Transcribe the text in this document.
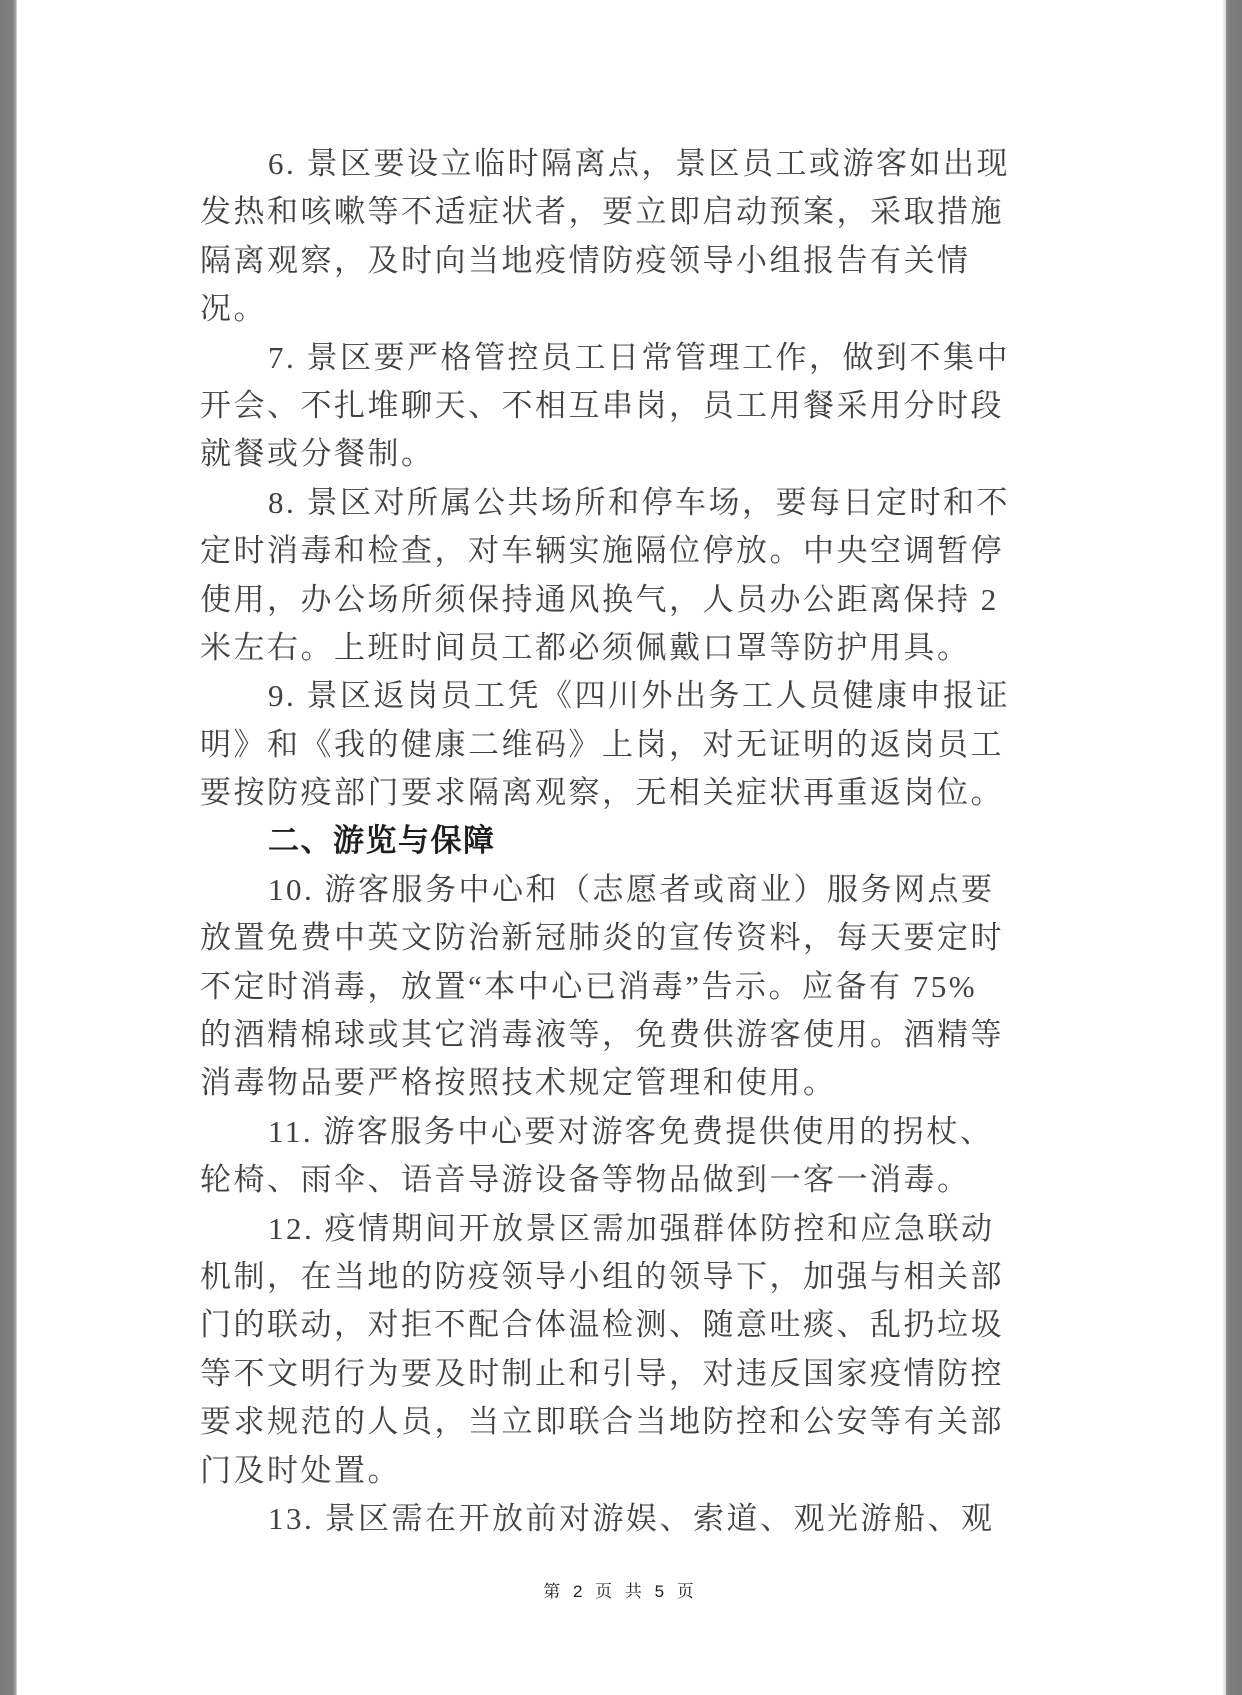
6. 景区要设立临时隔离点，景区员工或游客如出现
发热和咳嗽等不适症状者，要立即启动预案，采取措施
隔离观察，及时向当地疫情防疫领导小组报告有关情
况。
7. 景区要严格管控员工日常管理工作，做到不集中
开会、不扎堆聊天、不相互串岗，员工用餐采用分时段
就餐或分餐制。
8. 景区对所属公共场所和停车场，要每日定时和不
定时消毒和检查，对车辆实施隔位停放。中央空调暂停
使用，办公场所须保持通风换气，人员办公距离保持 2
米左右。上班时间员工都必须佩戴口罩等防护用具。
9. 景区返岗员工凭《四川外出务工人员健康申报证
明》和《我的健康二维码》上岗，对无证明的返岗员工
要按防疫部门要求隔离观察，无相关症状再重返岗位。
二、游览与保障
10. 游客服务中心和（志愿者或商业）服务网点要
放置免费中英文防治新冠肺炎的宣传资料，每天要定时
不定时消毒，放置“本中心已消毒”告示。应备有 75%
的酒精棉球或其它消毒液等，免费供游客使用。酒精等
消毒物品要严格按照技术规定管理和使用。
11. 游客服务中心要对游客免费提供使用的拐杖、
轮椅、雨伞、语音导游设备等物品做到一客一消毒。
12. 疫情期间开放景区需加强群体防控和应急联动
机制，在当地的防疫领导小组的领导下，加强与相关部
门的联动，对拒不配合体温检测、随意吐痰、乱扔垃圾
等不文明行为要及时制止和引导，对违反国家疫情防控
要求规范的人员，当立即联合当地防控和公安等有关部
门及时处置。
13. 景区需在开放前对游娱、索道、观光游船、观
第 2 页 共 5 页
